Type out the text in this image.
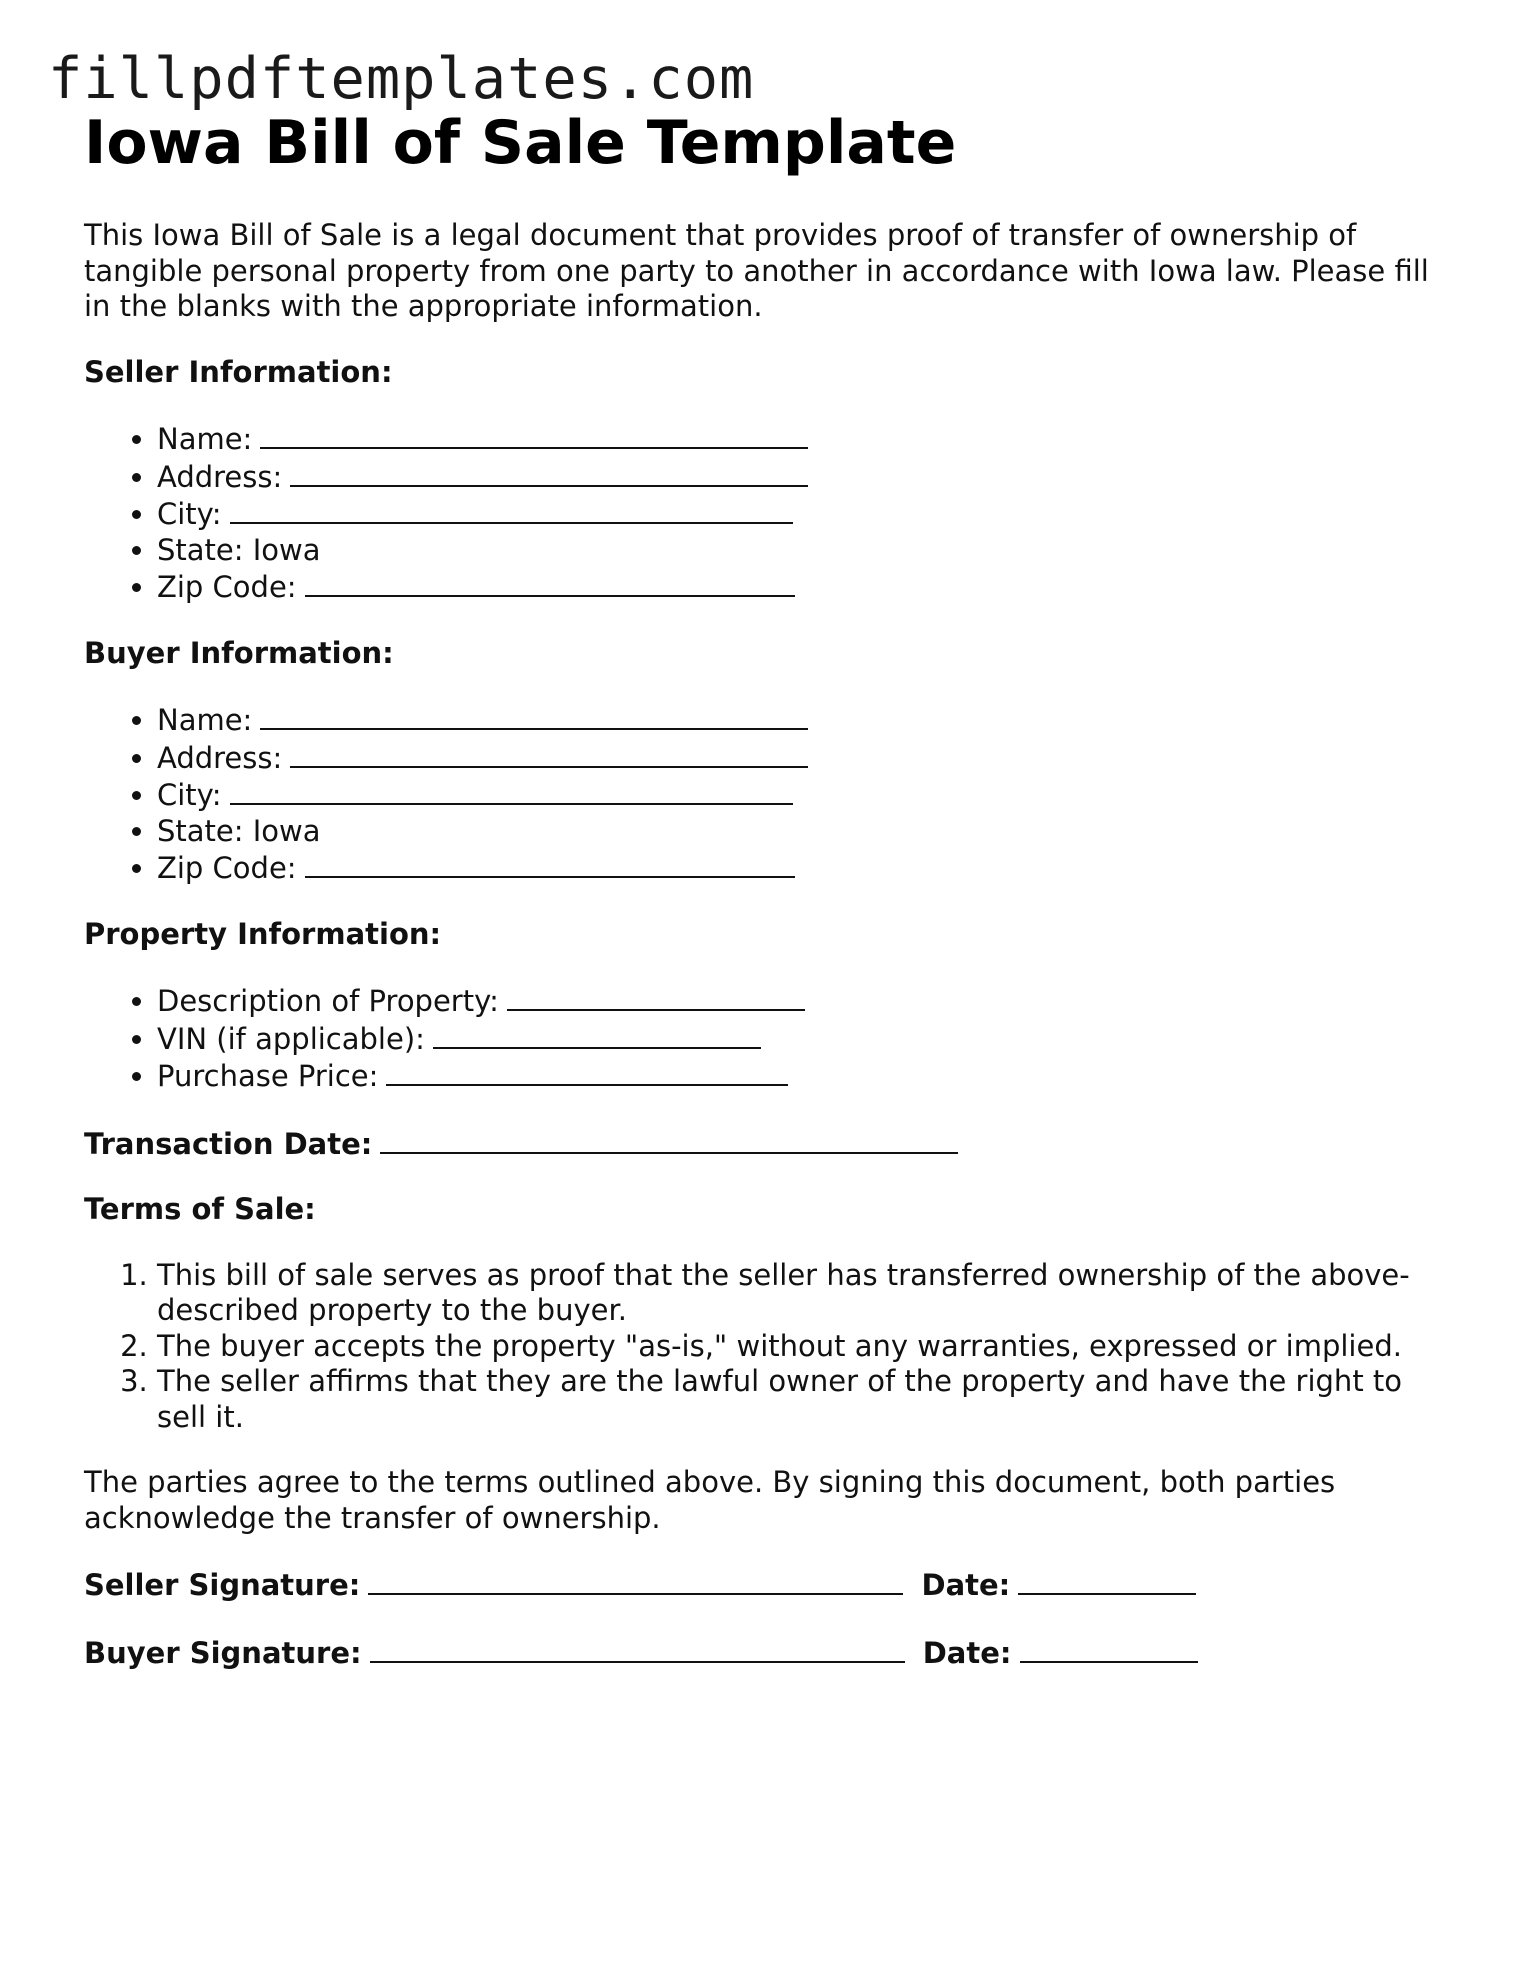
fillpdftemplates.com
Iowa Bill of Sale Template

This Iowa Bill of Sale is a legal document that provides proof of transfer of ownership of tangible personal property from one party to another in accordance with Iowa law. Please fill in the blanks with the appropriate information.

Seller Information:
• Name:
• Address:
• City:
• State: Iowa
• Zip Code:
Buyer Information:
• Name:
• Address:
• City:
• State: Iowa
• Zip Code:
Property Information:
• Description of Property:
• VIN (if applicable):
• Purchase Price:
Transaction Date:
Terms of Sale:
1. This bill of sale serves as proof that the seller has transferred ownership of the above-described property to the buyer.
2. The buyer accepts the property "as-is," without any warranties, expressed or implied.
3. The seller affirms that they are the lawful owner of the property and have the right to sell it.

The parties agree to the terms outlined above. By signing this document, both parties acknowledge the transfer of ownership.

Seller Signature:	Date:
Buyer Signature:	Date:
